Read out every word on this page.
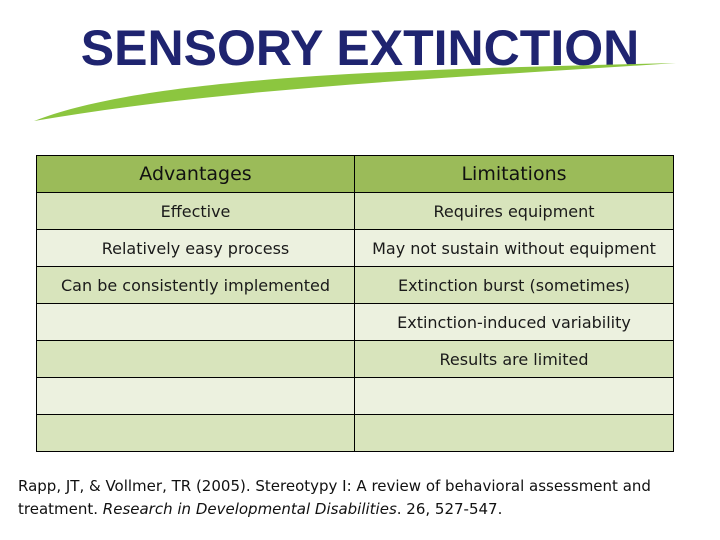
SENSORY EXTINCTION
Advantages	Limitations
Effective	Requires equipment
Relatively easy process	May not sustain without equipment
Can be consistently implemented	Extinction burst (sometimes)
	Extinction-induced variability
	Results are limited

Rapp, JT, & Vollmer, TR (2005). Stereotypy I: A review of behavioral assessment and treatment. Research in Developmental Disabilities. 26, 527-547.
